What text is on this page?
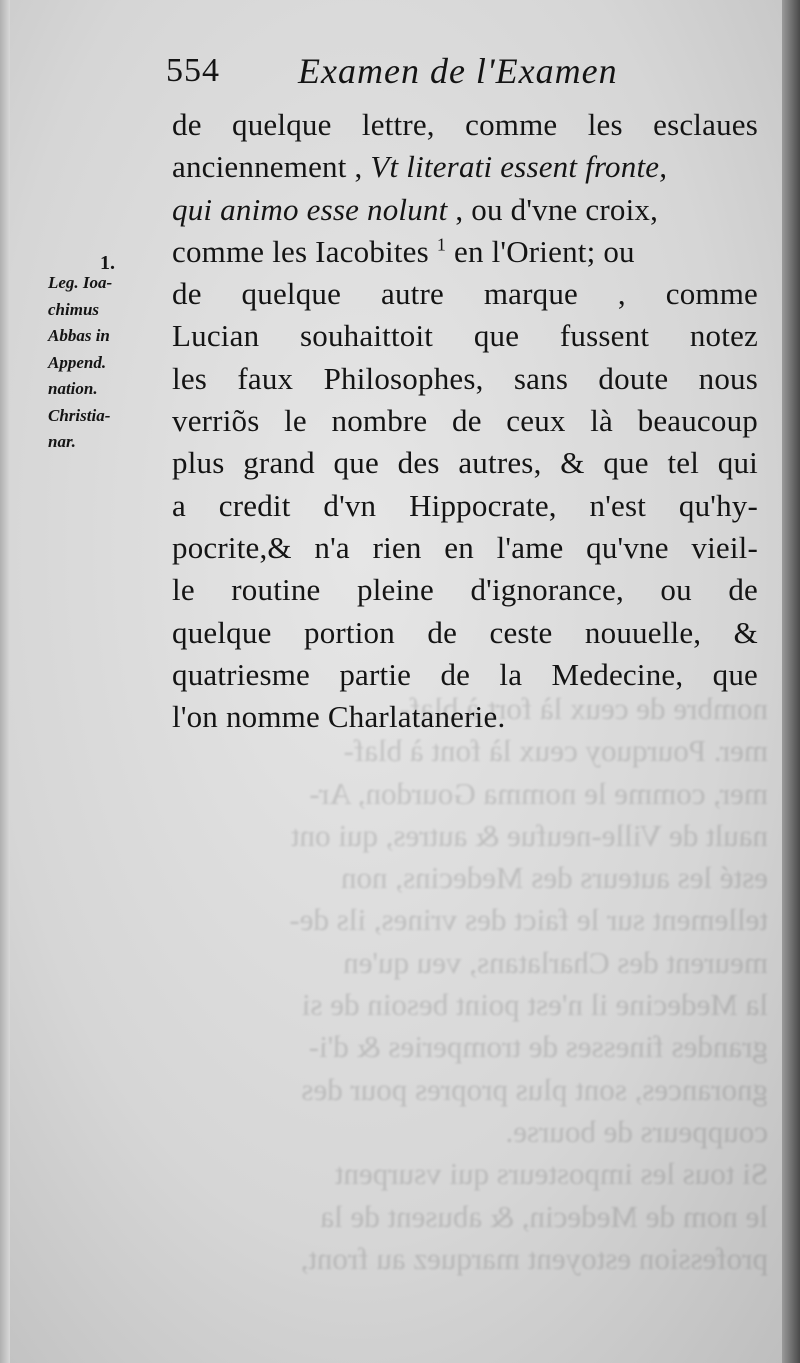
nombre de ceux là fort à blaf-
mer. Pourquoy ceux là font à blaf-
mer, comme le nomma Gourdon, Ar-
nault de Ville-neufue & autres, qui ont
esté les auteurs des Medecins, non
tellement sur le faict des vrines, ils de-
meurent des Charlatans, veu qu'en
la Medecine il n'est point besoin de si
grandes finesses de tromperies & d'i-
gnorances, sont plus propres pour des
couppeurs de bourse.
Si tous les imposteurs qui vsurpent
le nom de Medecin, & abusent de la
profession estoyent marquez au front,
554 Examen de l'Examen
1.
Leg. Ioa-
chimus
Abbas in
Append.
nation.
Christia-
nar.
de quelque lettre, comme les esclaues
anciennement , Vt literati essent fronte,
qui animo esse nolunt , ou d'vne croix,
comme les Iacobites $^1$ en l'Orient; ou
de quelque autre marque , comme
Lucian souhaittoit que fussent notez
les faux Philosophes, sans doute nous
verriõs le nombre de ceux là beaucoup
plus grand que des autres, & que tel qui
a credit d'vn Hippocrate, n'est qu'hy-
pocrite,& n'a rien en l'ame qu'vne vieil-
le routine pleine d'ignorance, ou de
quelque portion de ceste nouuelle, &
quatriesme partie de la Medecine, que
l'on nomme Charlatanerie.
